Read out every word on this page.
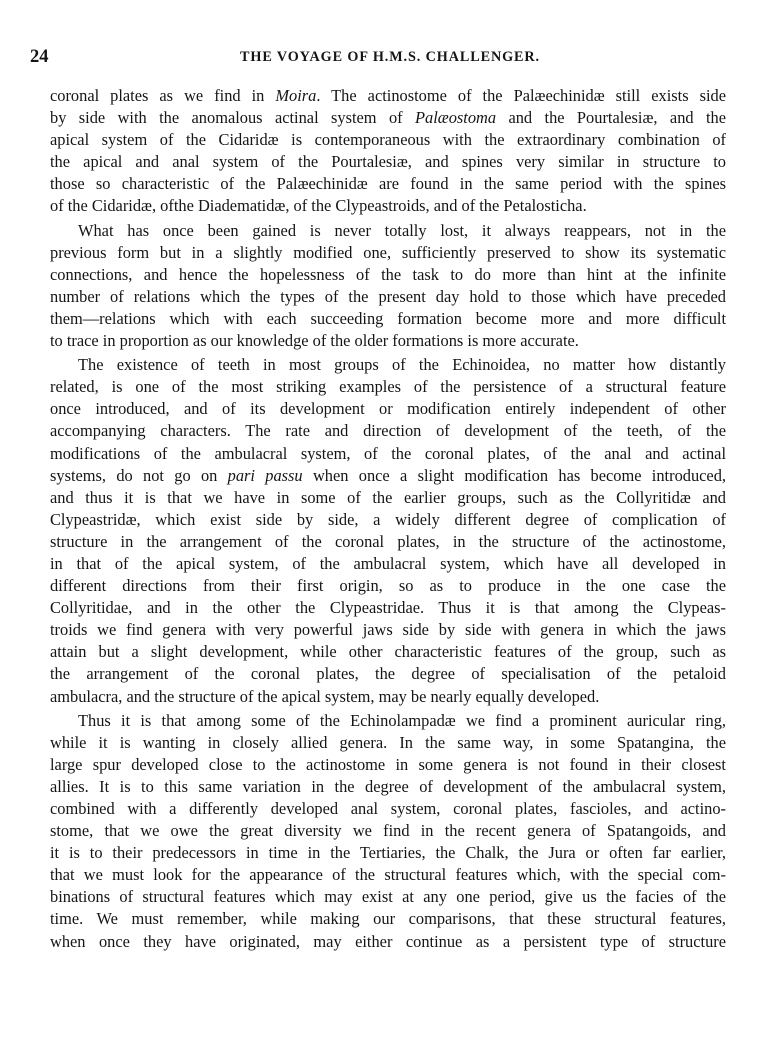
24	THE VOYAGE OF H.M.S. CHALLENGER.
coronal plates as we find in Moira. The actinostome of the Palæechinidæ still exists side
by side with the anomalous actinal system of Palæostoma and the Pourtalesiæ, and the
apical system of the Cidaridæ is contemporaneous with the extraordinary combination of
the apical and anal system of the Pourtalesiæ, and spines very similar in structure to
those so characteristic of the Palæechinidæ are found in the same period with the spines
of the Cidaridæ, ofthe Diadematidæ, of the Clypeastroids, and of the Petalosticha.
What has once been gained is never totally lost, it always reappears, not in the
previous form but in a slightly modified one, sufficiently preserved to show its systematic
connections, and hence the hopelessness of the task to do more than hint at the infinite
number of relations which the types of the present day hold to those which have preceded
them—relations which with each succeeding formation become more and more difficult
to trace in proportion as our knowledge of the older formations is more accurate.
The existence of teeth in most groups of the Echinoidea, no matter how distantly
related, is one of the most striking examples of the persistence of a structural feature
once introduced, and of its development or modification entirely independent of other
accompanying characters. The rate and direction of development of the teeth, of the
modifications of the ambulacral system, of the coronal plates, of the anal and actinal
systems, do not go on pari passu when once a slight modification has become introduced,
and thus it is that we have in some of the earlier groups, such as the Collyritidæ and
Clypeastridæ, which exist side by side, a widely different degree of complication of
structure in the arrangement of the coronal plates, in the structure of the actinostome,
in that of the apical system, of the ambulacral system, which have all developed in
different directions from their first origin, so as to produce in the one case the
Collyritidae, and in the other the Clypeastridae. Thus it is that among the Clypeas-
troids we find genera with very powerful jaws side by side with genera in which the jaws
attain but a slight development, while other characteristic features of the group, such as
the arrangement of the coronal plates, the degree of specialisation of the petaloid
ambulacra, and the structure of the apical system, may be nearly equally developed.
Thus it is that among some of the Echinolampadæ we find a prominent auricular ring,
while it is wanting in closely allied genera. In the same way, in some Spatangina, the
large spur developed close to the actinostome in some genera is not found in their closest
allies. It is to this same variation in the degree of development of the ambulacral system,
combined with a differently developed anal system, coronal plates, fascioles, and actino-
stome, that we owe the great diversity we find in the recent genera of Spatangoids, and
it is to their predecessors in time in the Tertiaries, the Chalk, the Jura or often far earlier,
that we must look for the appearance of the structural features which, with the special com-
binations of structural features which may exist at any one period, give us the facies of the
time. We must remember, while making our comparisons, that these structural features,
when once they have originated, may either continue as a persistent type of structure
